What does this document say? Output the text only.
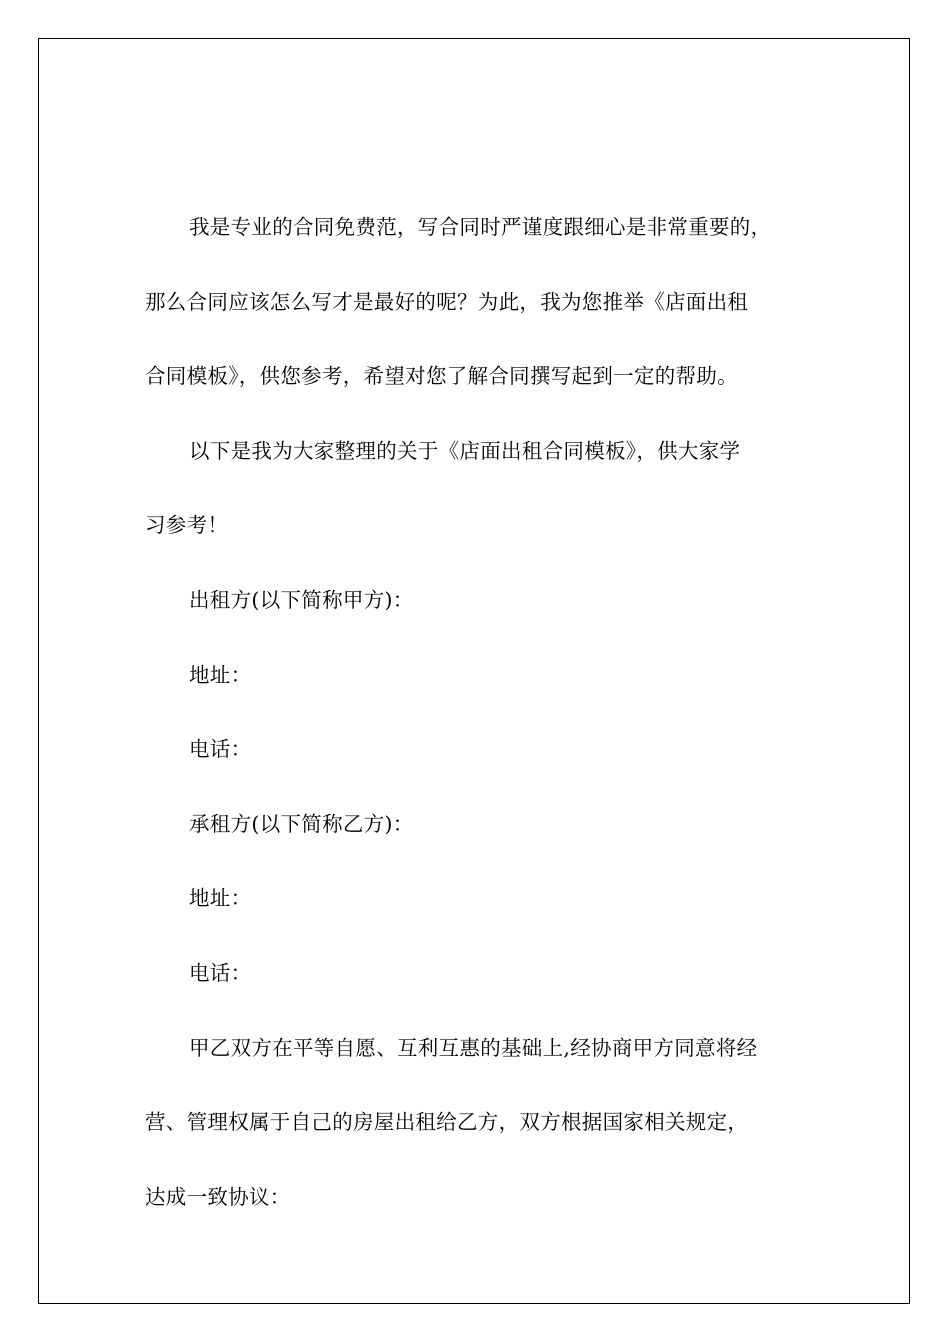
我是专业的合同免费范，写合同时严谨度跟细心是非常重要的，
那么合同应该怎么写才是最好的呢？为此，我为您推举《店面出租
合同模板》，供您参考，希望对您了解合同撰写起到一定的帮助。
以下是我为大家整理的关于《店面出租合同模板》，供大家学
习参考！
出租方(以下简称甲方)：
地址：
电话：
承租方(以下简称乙方)：
地址：
电话：
甲乙双方在平等自愿、互利互惠的基础上,经协商甲方同意将经
营、管理权属于自己的房屋出租给乙方，双方根据国家相关规定，
达成一致协议：
